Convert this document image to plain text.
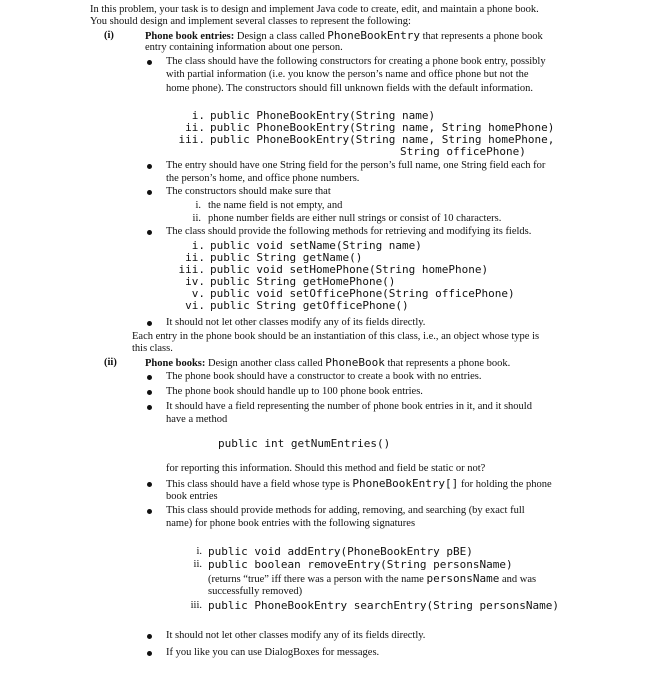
In this problem, your task is to design and implement Java code to create, edit, and maintain a phone book.
You should design and implement several classes to represent the following:
(i)	Phone book entries: Design a class called PhoneBookEntry that represents a phone book
entry containing information about one person.
The class should have the following constructors for creating a phone book entry, possibly
with partial information (i.e. you know the person’s name and office phone but not the
home phone). The constructors should fill unknown fields with the default information.
i. public PhoneBookEntry(String name)
ii. public PhoneBookEntry(String name, String homePhone)
iii. public PhoneBookEntry(String name, String homePhone,
String officePhone)
The entry should have one String field for the person’s full name, one String field each for
the person’s home, and office phone numbers.
The constructors should make sure that
i. the name field is not empty, and
ii. phone number fields are either null strings or consist of 10 characters.
The class should provide the following methods for retrieving and modifying its fields.
i. public void setName(String name)
ii. public String getName()
iii. public void setHomePhone(String homePhone)
iv. public String getHomePhone()
v. public void setOfficePhone(String officePhone)
vi. public String getOfficePhone()
It should not let other classes modify any of its fields directly.
Each entry in the phone book should be an instantiation of this class, i.e., an object whose type is
this class.
(ii)	Phone books: Design another class called PhoneBook that represents a phone book.
The phone book should have a constructor to create a book with no entries.
The phone book should handle up to 100 phone book entries.
It should have a field representing the number of phone book entries in it, and it should
have a method
public int getNumEntries()
for reporting this information. Should this method and field be static or not?
This class should have a field whose type is PhoneBookEntry[] for holding the phone
book entries
This class should provide methods for adding, removing, and searching (by exact full
name) for phone book entries with the following signatures
i. public void addEntry(PhoneBookEntry pBE)
ii. public boolean removeEntry(String personsName)
(returns “true” iff there was a person with the name personsName and was
successfully removed)
iii. public PhoneBookEntry searchEntry(String personsName)
It should not let other classes modify any of its fields directly.
If you like you can use DialogBoxes for messages.
